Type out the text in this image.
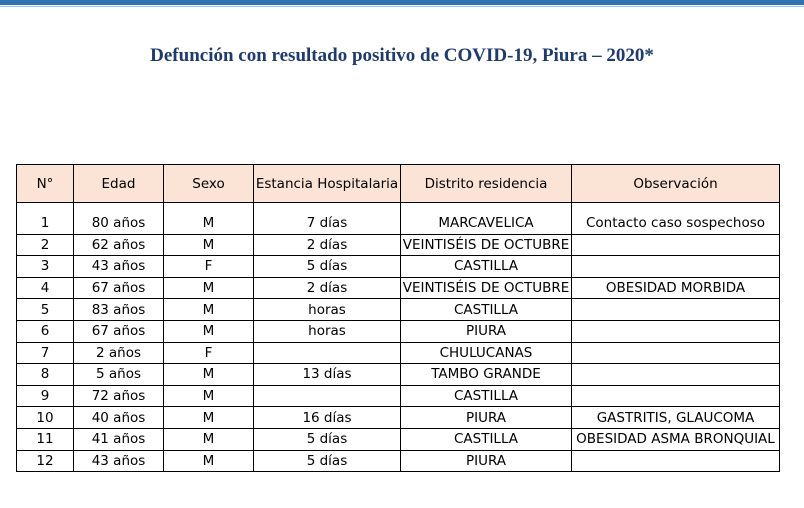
Defunción con resultado positivo de COVID-19, Piura – 2020*
N°	Edad	Sexo	Estancia Hospitalaria	Distrito residencia	Observación

1	80 años	M	7 días	MARCAVELICA	Contacto caso sospechoso
2	62 años	M	2 días	VEINTISÉIS DE OCTUBRE	
3	43 años	F	5 días	CASTILLA	
4	67 años	M	2 días	VEINTISÉIS DE OCTUBRE	OBESIDAD MORBIDA
5	83 años	M	horas	CASTILLA	
6	67 años	M	horas	PIURA	
7	2 años	F		CHULUCANAS	
8	5 años	M	13 días	TAMBO GRANDE	
9	72 años	M		CASTILLA	
10	40 años	M	16 días	PIURA	GASTRITIS, GLAUCOMA
11	41 años	M	5 días	CASTILLA	OBESIDAD ASMA BRONQUIAL
12	43 años	M	5 días	PIURA	
